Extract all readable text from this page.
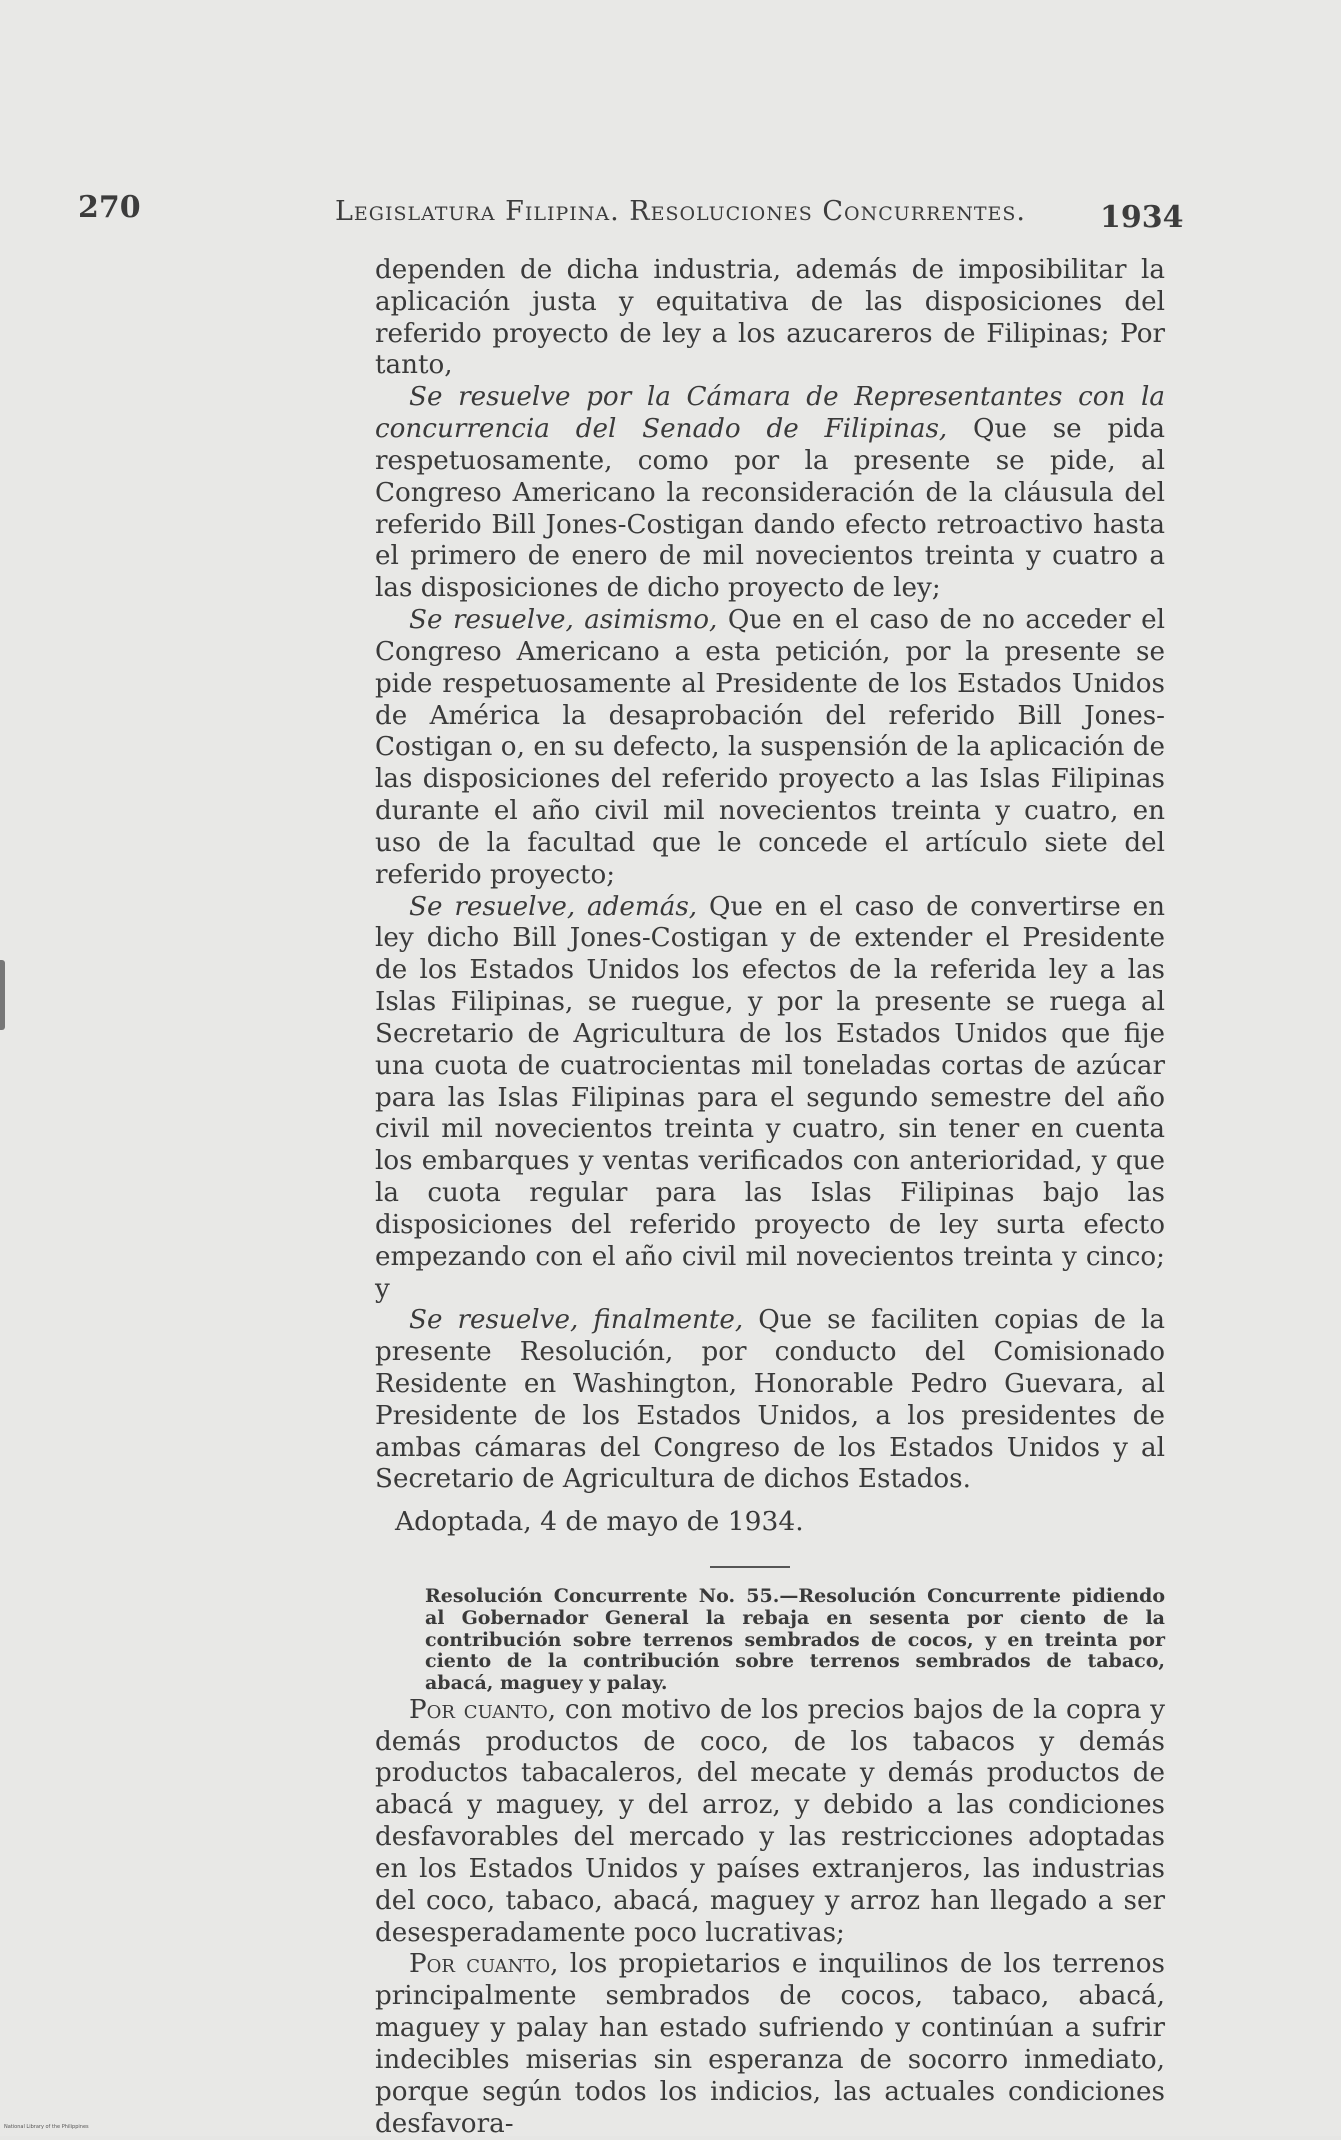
270	Legislatura Filipina. Resoluciones Concurrentes. 1934

dependen de dicha industria, además de imposibilitar la aplicación justa y equitativa de las disposiciones del referido proyecto de ley a los azucareros de Filipinas; Por tanto,

Se resuelve por la Cámara de Representantes con la concurrencia del Senado de Filipinas, Que se pida respetuosamente, como por la presente se pide, al Congreso Americano la reconsideración de la cláusula del referido Bill Jones-Costigan dando efecto retroactivo hasta el primero de enero de mil novecientos treinta y cuatro a las disposiciones de dicho proyecto de ley;

Se resuelve, asimismo, Que en el caso de no acceder el Congreso Americano a esta petición, por la presente se pide respetuosamente al Presidente de los Estados Unidos de América la desaprobación del referido Bill Jones-Costigan o, en su defecto, la suspensión de la aplicación de las disposiciones del referido proyecto a las Islas Filipinas durante el año civil mil novecientos treinta y cuatro, en uso de la facultad que le concede el artículo siete del referido proyecto;

Se resuelve, además, Que en el caso de convertirse en ley dicho Bill Jones-Costigan y de extender el Presidente de los Estados Unidos los efectos de la referida ley a las Islas Filipinas, se ruegue, y por la presente se ruega al Secretario de Agricultura de los Estados Unidos que fije una cuota de cuatrocientas mil toneladas cortas de azúcar para las Islas Filipinas para el segundo semestre del año civil mil novecientos treinta y cuatro, sin tener en cuenta los embarques y ventas verificados con anterioridad, y que la cuota regular para las Islas Filipinas bajo las disposiciones del referido proyecto de ley surta efecto empezando con el año civil mil novecientos treinta y cinco; y

Se resuelve, finalmente, Que se faciliten copias de la presente Resolución, por conducto del Comisionado Residente en Washington, Honorable Pedro Guevara, al Presidente de los Estados Unidos, a los presidentes de ambas cámaras del Congreso de los Estados Unidos y al Secretario de Agricultura de dichos Estados.

Adoptada, 4 de mayo de 1934.

Resolución Concurrente No. 55.—Resolución Concurrente pidiendo al Gobernador General la rebaja en sesenta por ciento de la contribución sobre terrenos sembrados de cocos, y en treinta por ciento de la contribución sobre terrenos sembrados de tabaco, abacá, maguey y palay.

Por cuanto, con motivo de los precios bajos de la copra y demás productos de coco, de los tabacos y demás productos tabacaleros, del mecate y demás productos de abacá y maguey, y del arroz, y debido a las condiciones desfavorables del mercado y las restricciones adoptadas en los Estados Unidos y países extranjeros, las industrias del coco, tabaco, abacá, maguey y arroz han llegado a ser desesperadamente poco lucrativas;

Por cuanto, los propietarios e inquilinos de los terrenos principalmente sembrados de cocos, tabaco, abacá, maguey y palay han estado sufriendo y continúan a sufrir indecibles miserias sin esperanza de socorro inmediato, porque según todos los indicios, las actuales condiciones desfavora-

National Library of the Philippines
